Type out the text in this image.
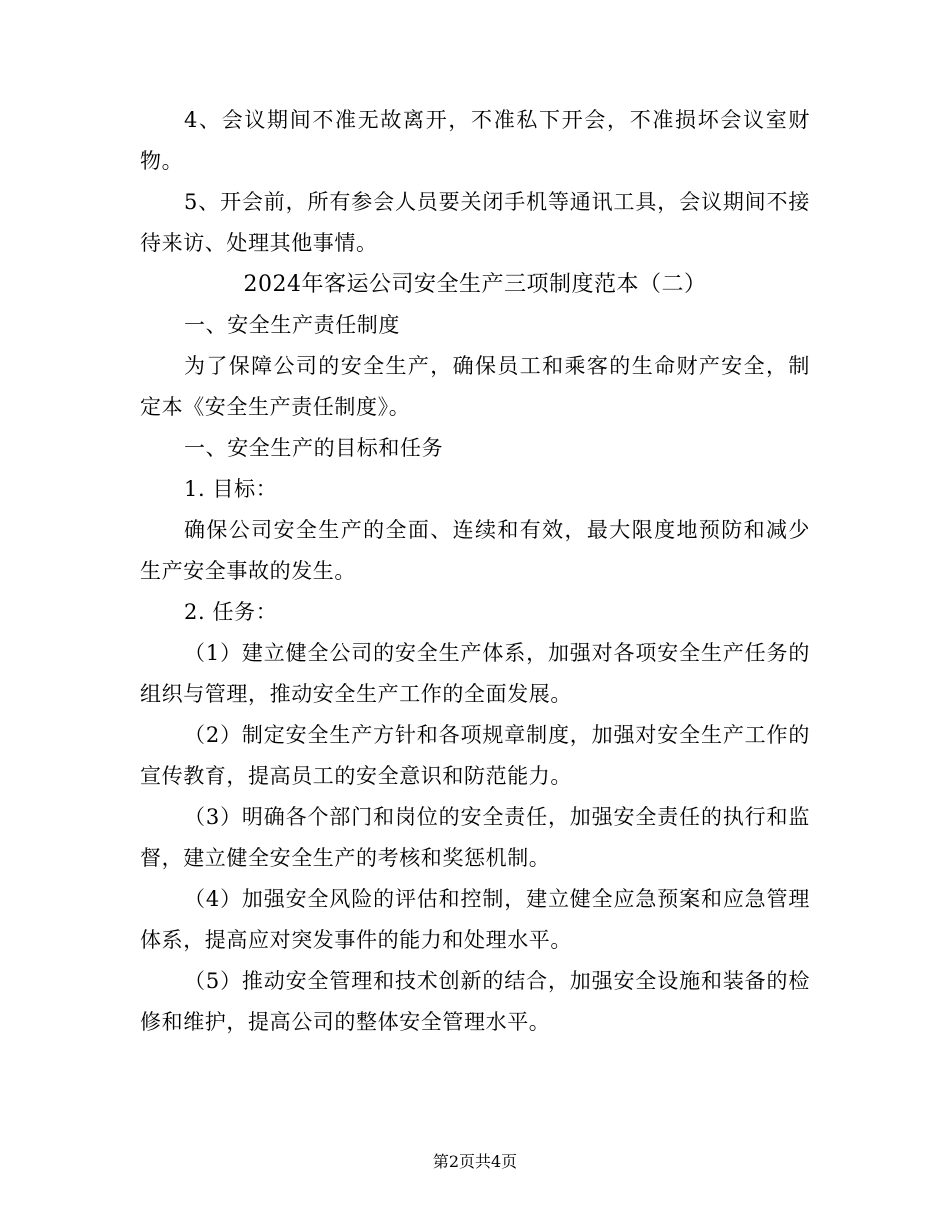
4、会议期间不准无故离开，不准私下开会，不准损坏会议室财物。

5、开会前，所有参会人员要关闭手机等通讯工具，会议期间不接待来访、处理其他事情。

2024年客运公司安全生产三项制度范本（二）

一、安全生产责任制度

为了保障公司的安全生产，确保员工和乘客的生命财产安全，制定本《安全生产责任制度》。

一、安全生产的目标和任务

1. 目标：

确保公司安全生产的全面、连续和有效，最大限度地预防和减少生产安全事故的发生。

2. 任务：

（1）建立健全公司的安全生产体系，加强对各项安全生产任务的组织与管理，推动安全生产工作的全面发展。

（2）制定安全生产方针和各项规章制度，加强对安全生产工作的宣传教育，提高员工的安全意识和防范能力。

（3）明确各个部门和岗位的安全责任，加强安全责任的执行和监督，建立健全安全生产的考核和奖惩机制。

（4）加强安全风险的评估和控制，建立健全应急预案和应急管理体系，提高应对突发事件的能力和处理水平。

（5）推动安全管理和技术创新的结合，加强安全设施和装备的检修和维护，提高公司的整体安全管理水平。

第2页共4页
